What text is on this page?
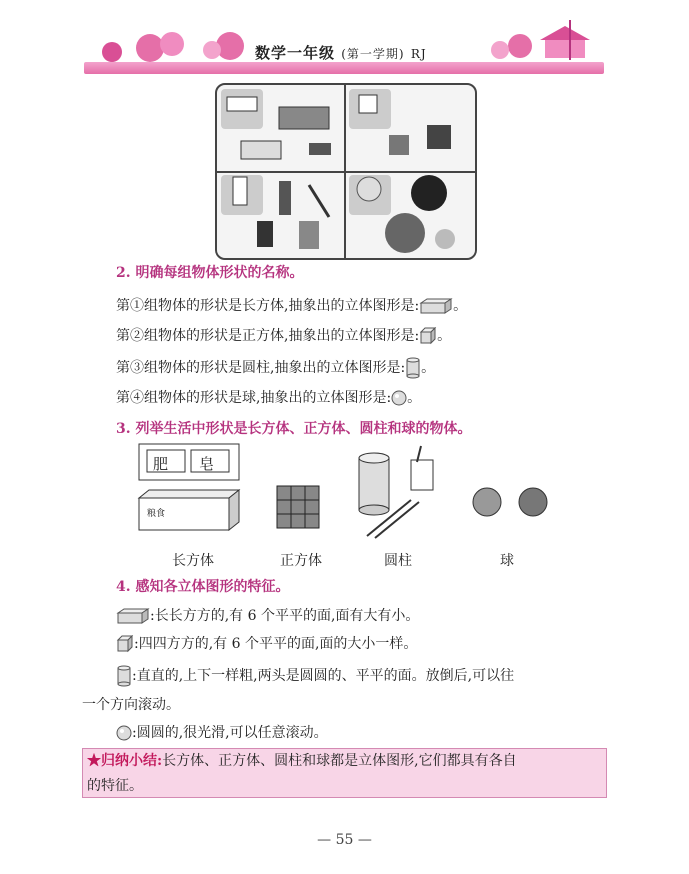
数学一年级 (第一学期) RJ
2. 明确每组物体形状的名称。
第①组物体的形状是长方体,抽象出的立体图形是: 。
第②组物体的形状是正方体,抽象出的立体图形是: 。
第③组物体的形状是圆柱,抽象出的立体图形是: 。
第④组物体的形状是球,抽象出的立体图形是: 。
3. 列举生活中形状是长方体、正方体、圆柱和球的物体。
肥 皂
粮食
长方体	正方体	圆柱	球
4. 感知各立体图形的特征。
:长长方方的,有 6 个平平的面,面有大有小。
:四四方方的,有 6 个平平的面,面的大小一样。
:直直的,上下一样粗,两头是圆圆的、平平的面。放倒后,可以往
一个方向滚动。
:圆圆的,很光滑,可以任意滚动。
★归纳小结:长方体、正方体、圆柱和球都是立体图形,它们都具有各自
的特征。
— 55 —
